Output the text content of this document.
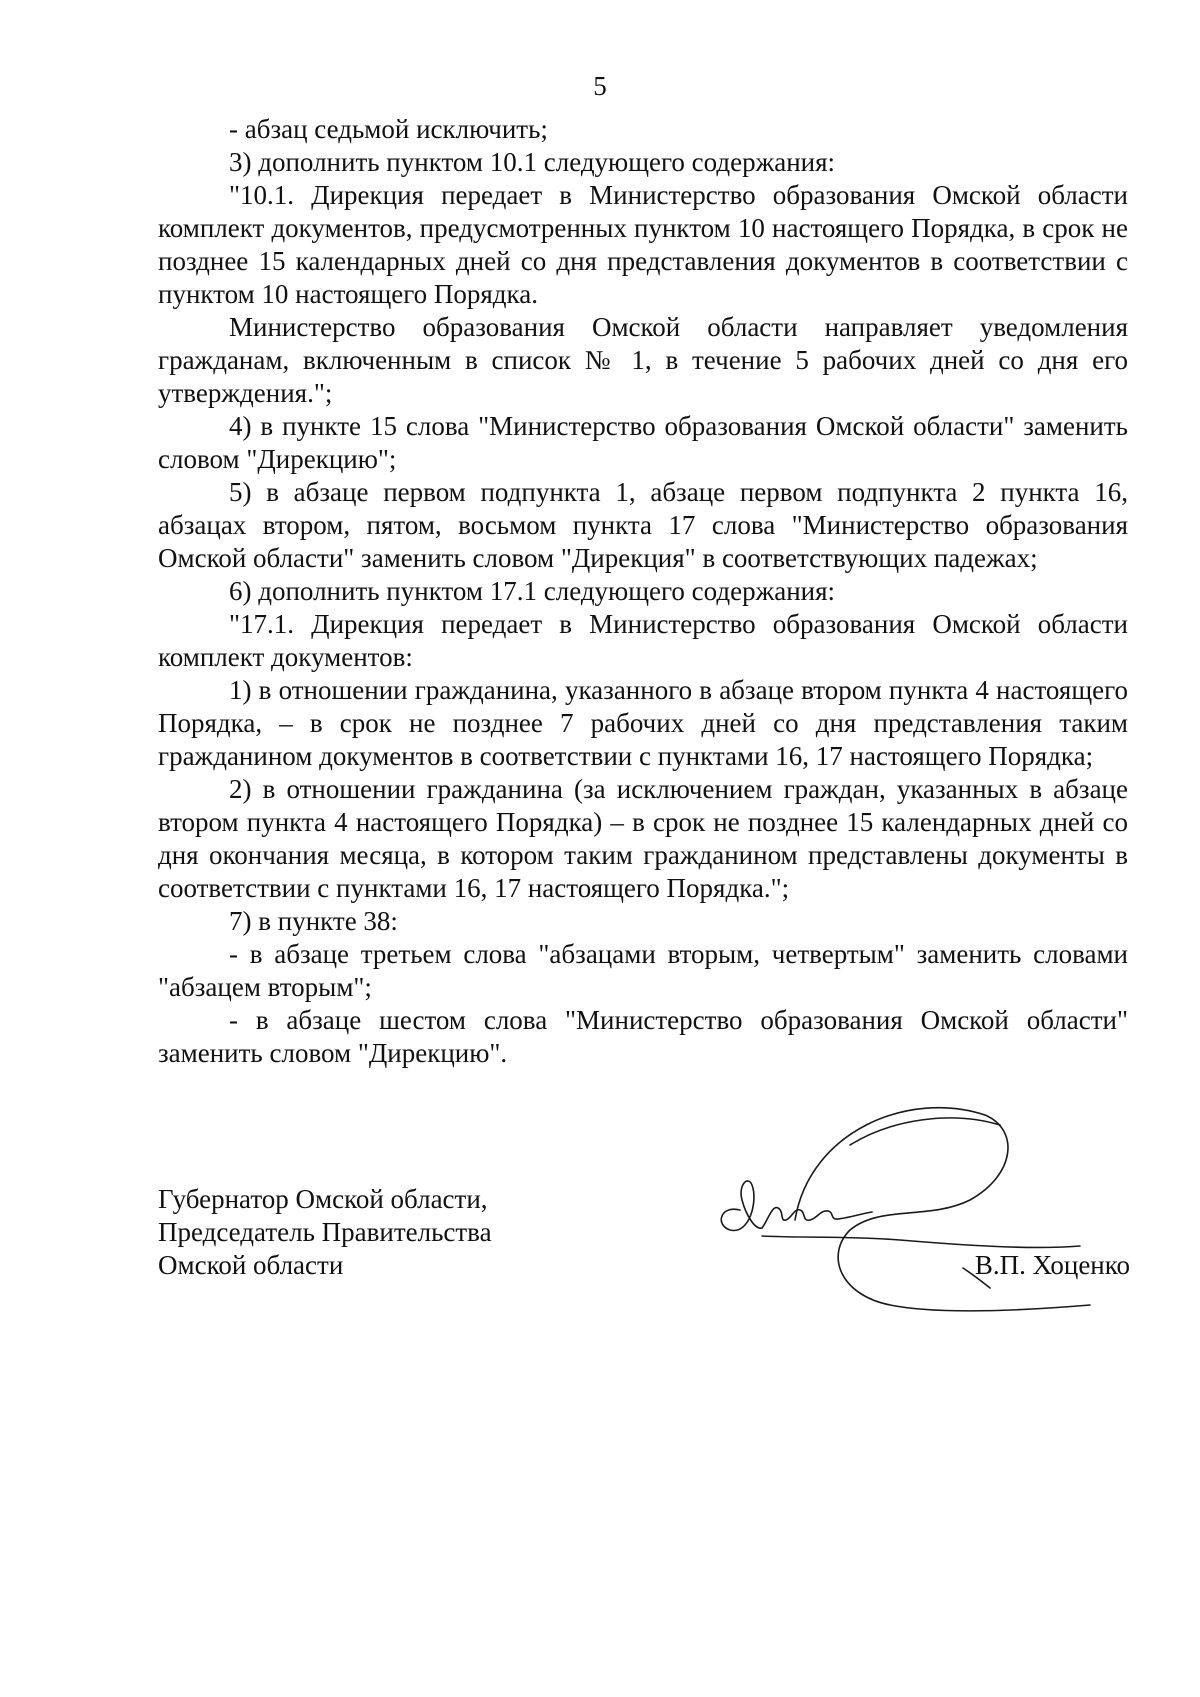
5

- абзац седьмой исключить;

3) дополнить пунктом 10.1 следующего содержания:

"10.1. Дирекция передает в Министерство образования Омской области комплект документов, предусмотренных пунктом 10 настоящего Порядка, в срок не позднее 15 календарных дней со дня представления документов в соответствии с пунктом 10 настоящего Порядка.

Министерство образования Омской области направляет уведомления гражданам, включенным в список № 1, в течение 5 рабочих дней со дня его утверждения.";

4) в пункте 15 слова "Министерство образования Омской области" заменить словом "Дирекцию";

5) в абзаце первом подпункта 1, абзаце первом подпункта 2 пункта 16, абзацах втором, пятом, восьмом пункта 17 слова "Министерство образования Омской области" заменить словом "Дирекция" в соответствующих падежах;

6) дополнить пунктом 17.1 следующего содержания:

"17.1. Дирекция передает в Министерство образования Омской области комплект документов:

1) в отношении гражданина, указанного в абзаце втором пункта 4 настоящего Порядка, – в срок не позднее 7 рабочих дней со дня представления таким гражданином документов в соответствии с пунктами 16, 17 настоящего Порядка;

2) в отношении гражданина (за исключением граждан, указанных в абзаце втором пункта 4 настоящего Порядка) – в срок не позднее 15 календарных дней со дня окончания месяца, в котором таким гражданином представлены документы в соответствии с пунктами 16, 17 настоящего Порядка.";

7) в пункте 38:

- в абзаце третьем слова "абзацами вторым, четвертым" заменить словами "абзацем вторым";

- в абзаце шестом слова "Министерство образования Омской области" заменить словом "Дирекцию".

Губернатор Омской области,
Председатель Правительства
Омской области	В.П. Хоценко
